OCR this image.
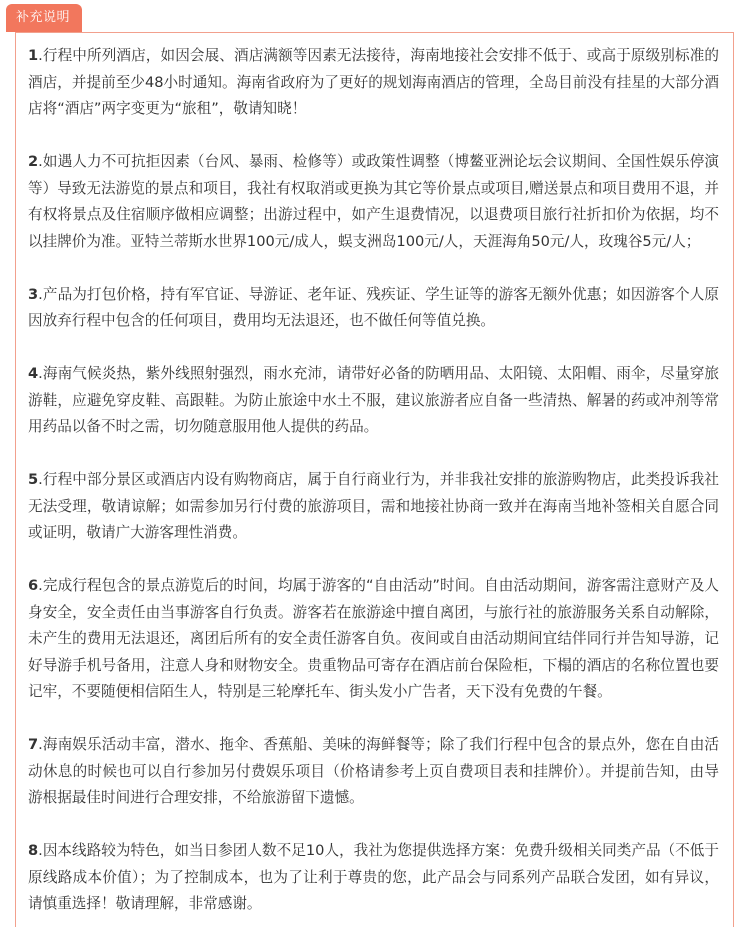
补充说明

1 . 行程中所列酒店，如因会展、酒店满额等因素无法接待，海南地接社会安排不低于、或高于原级别标准的酒店，并提前至少48小时通知。海南省政府为了更好的规划海南酒店的管理，全岛目前没有挂星的大部分酒店将“酒店”两字变更为“旅租”，敬请知晓！

2 . 如遇人力不可抗拒因素（台风、暴雨、检修等）或政策性调整（博鳌亚洲论坛会议期间、全国性娱乐停演等）导致无法游览的景点和项目，我社有权取消或更换为其它等价景点或项目,赠送景点和项目费用不退，并有权将景点及住宿顺序做相应调整；出游过程中，如产生退费情况，以退费项目旅行社折扣价为依据，均不以挂牌价为准。亚特兰蒂斯水世界100元/成人，蜈支洲岛100元/人，天涯海角50元/人，玫瑰谷5元/人；

3 . 产品为打包价格，持有军官证、导游证、老年证、残疾证、学生证等的游客无额外优惠；如因游客个人原因放弃行程中包含的任何项目，费用均无法退还，也不做任何等值兑换。

4 . 海南气候炎热，紫外线照射强烈，雨水充沛，请带好必备的防晒用品、太阳镜、太阳帽、雨伞，尽量穿旅游鞋，应避免穿皮鞋、高跟鞋。为防止旅途中水土不服，建议旅游者应自备一些清热、解暑的药或冲剂等常用药品以备不时之需，切勿随意服用他人提供的药品。

5 . 行程中部分景区或酒店内设有购物商店，属于自行商业行为，并非我社安排的旅游购物店，此类投诉我社无法受理，敬请谅解；如需参加另行付费的旅游项目，需和地接社协商一致并在海南当地补签相关自愿合同或证明，敬请广大游客理性消费。

6 . 完成行程包含的景点游览后的时间，均属于游客的“自由活动”时间。自由活动期间，游客需注意财产及人身安全，安全责任由当事游客自行负责。游客若在旅游途中擅自离团，与旅行社的旅游服务关系自动解除，未产生的费用无法退还，离团后所有的安全责任游客自负。夜间或自由活动期间宜结伴同行并告知导游，记好导游手机号备用，注意人身和财物安全。贵重物品可寄存在酒店前台保险柜，下榻的酒店的名称位置也要记牢，不要随便相信陌生人，特别是三轮摩托车、街头发小广告者，天下没有免费的午餐。

7 . 海南娱乐活动丰富，潜水、拖伞、香蕉船、美味的海鲜餐等；除了我们行程中包含的景点外，您在自由活动休息的时候也可以自行参加另付费娱乐项目（价格请参考上页自费项目表和挂牌价）。并提前告知，由导游根据最佳时间进行合理安排，不给旅游留下遗憾。

8 . 因本线路较为特色，如当日参团人数不足10人，我社为您提供选择方案：免费升级相关同类产品（不低于原线路成本价值）；为了控制成本，也为了让利于尊贵的您，此产品会与同系列产品联合发团，如有异议，请慎重选择！敬请理解，非常感谢。
